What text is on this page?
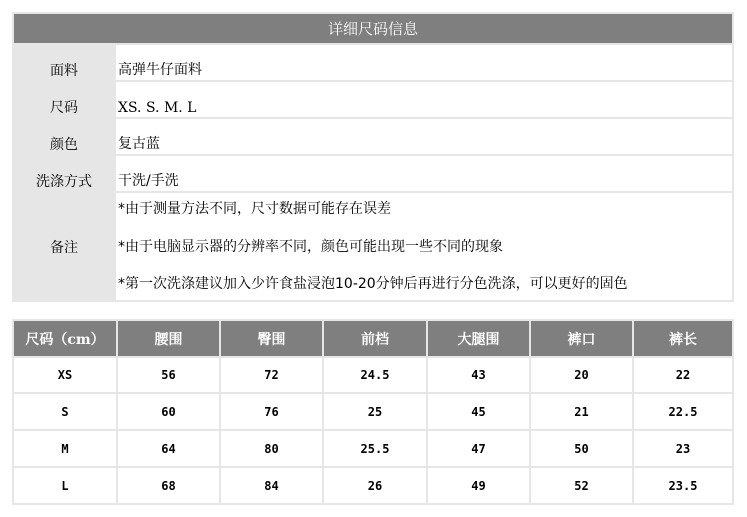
详细尺码信息
面料	高弹牛仔面料
尺码	XS. S. M. L
颜色	复古蓝
洗涤方式 干洗/手洗
备注
*由于测量方法不同，尺寸数据可能存在误差
*由于电脑显示器的分辨率不同，颜色可能出现一些不同的现象
*第一次洗涤建议加入少许食盐浸泡10-20分钟后再进行分色洗涤，可以更好的固色
尺码（cm）	腰围	臀围	前档	大腿围	裤口	裤长
XS	56	72	24.5	43	20	22
S	60	76	25	45	21	22.5
M	64	80	25.5	47	50	23
L	68	84	26	49	52	23.5
